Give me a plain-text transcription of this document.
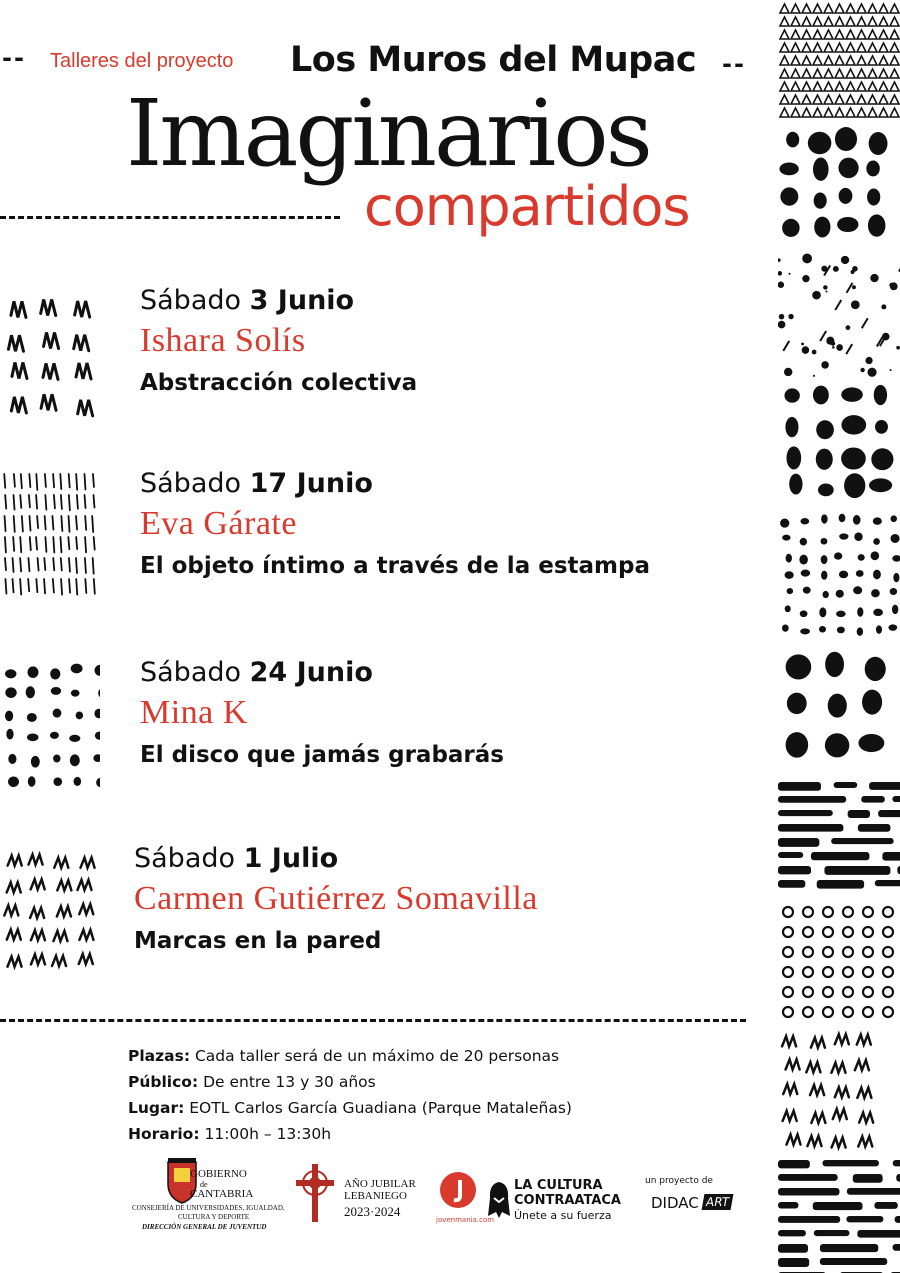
-- Talleres del proyecto Los Muros del Mupac --
Imaginarios
compartidos
Sábado 3 Junio
Ishara Solís
Abstracción colectiva
Sábado 17 Junio
Eva Gárate
El objeto íntimo a través de la estampa
Sábado 24 Junio
Mina K
El disco que jamás grabarás
Sábado 1 Julio
Carmen Gutiérrez Somavilla
Marcas en la pared
Plazas: Cada taller será de un máximo de 20 personas
Público: De entre 13 y 30 años
Lugar: EOTL Carlos García Guadiana (Parque Mataleñas)
Horario: 11:00h – 13:30h
GOBIERNO
de
CANTABRIA
CONSEJERÍA DE UNIVERSIDADES, IGUALDAD,
CULTURA Y DEPORTE
DIRECCIÓN GENERAL DE JUVENTUD
AÑO JUBILAR
LEBANIEGO
2023·2024
jovenmania.com
LA CULTURA
CONTRAATACA
Únete a su fuerza
un proyecto de
DIDAC ART
